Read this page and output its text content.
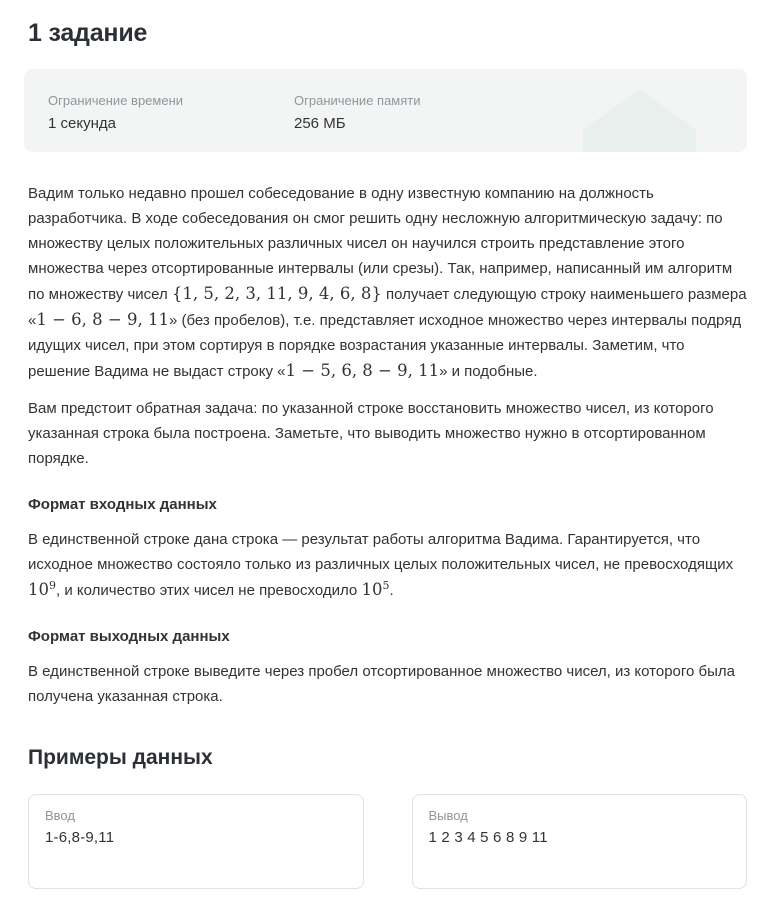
1 задание
Ограничение времени
1 секунда
Ограничение памяти
256 МБ

Вадим только недавно прошел собеседование в одну известную компанию на должность разработчика. В ходе собеседования он смог решить одну несложную алгоритмическую задачу: по множеству целых положительных различных чисел он научился строить представление этого множества через отсортированные интервалы (или срезы). Так, например, написанный им алгоритм по множеству чисел {1, 5, 2, 3, 11, 9, 4, 6, 8} получает следующую строку наименьшего размера «1 − 6, 8 − 9, 11» (без пробелов), т.е. представляет исходное множество через интервалы подряд идущих чисел, при этом сортируя в порядке возрастания указанные интервалы. Заметим, что решение Вадима не выдаст строку «1 − 5, 6, 8 − 9, 11» и подобные.

Вам предстоит обратная задача: по указанной строке восстановить множество чисел, из которого указанная строка была построена. Заметьте, что выводить множество нужно в отсортированном порядке.

Формат входных данных

В единственной строке дана строка — результат работы алгоритма Вадима. Гарантируется, что исходное множество состояло только из различных целых положительных чисел, не превосходящих $10^9$, и количество этих чисел не превосходило $10^5$.

Формат выходных данных

В единственной строке выведите через пробел отсортированное множество чисел, из которого была получена указанная строка.

Примеры данных
Ввод
1-6,8-9,11
Вывод
1 2 3 4 5 6 8 9 11
